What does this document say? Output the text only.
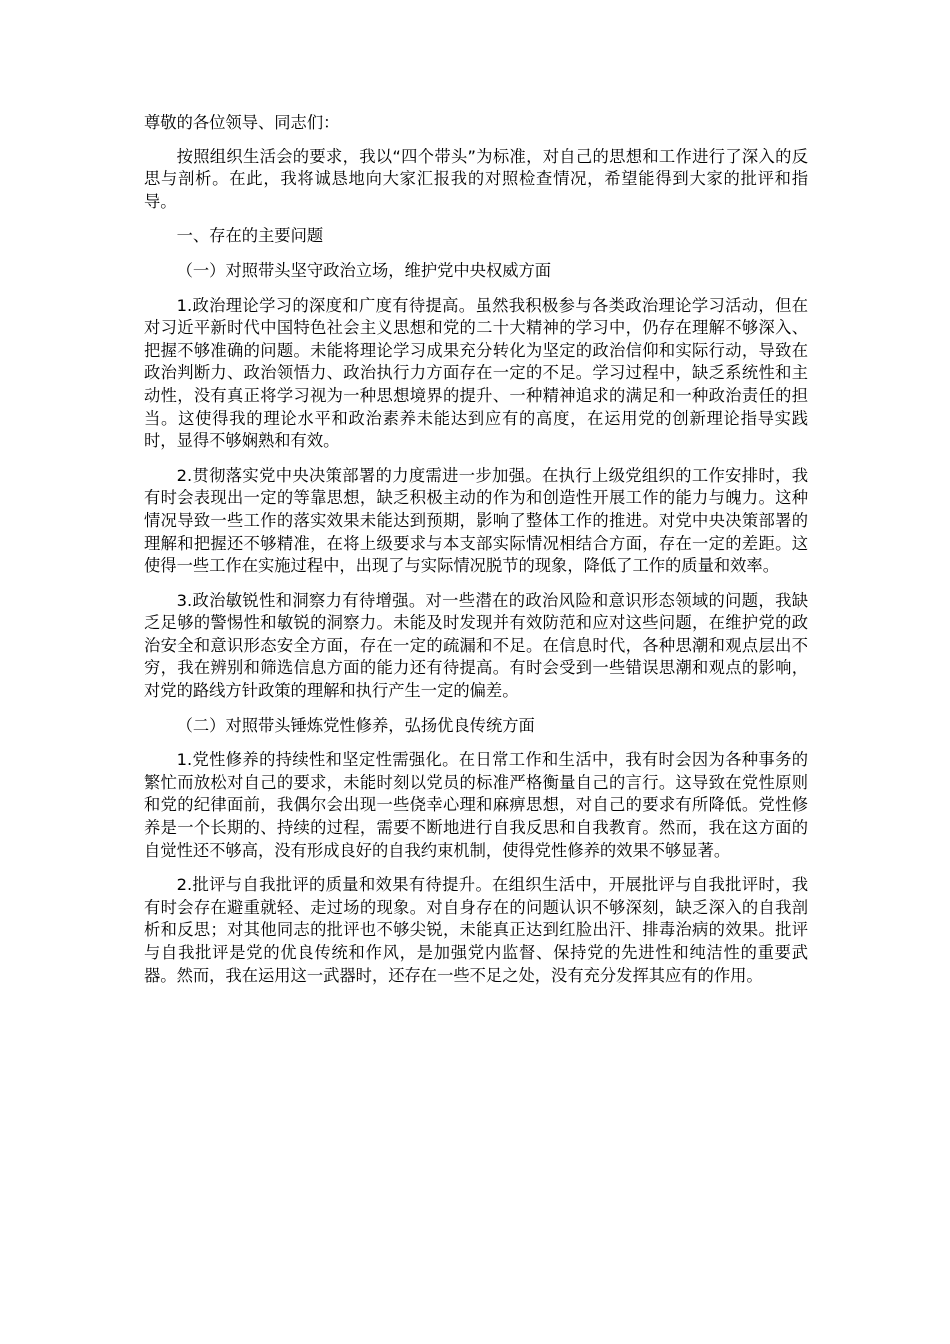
尊敬的各位领导、同志们：

按照组织生活会的要求，我以“四个带头”为标准，对自己的思想和工作进行了深入的反思与剖析。在此，我将诚恳地向大家汇报我的对照检查情况，希望能得到大家的批评和指导。

一、存在的主要问题

（一）对照带头坚守政治立场，维护党中央权威方面

1.政治理论学习的深度和广度有待提高。虽然我积极参与各类政治理论学习活动，但在对习近平新时代中国特色社会主义思想和党的二十大精神的学习中，仍存在理解不够深入、把握不够准确的问题。未能将理论学习成果充分转化为坚定的政治信仰和实际行动，导致在政治判断力、政治领悟力、政治执行力方面存在一定的不足。学习过程中，缺乏系统性和主动性，没有真正将学习视为一种思想境界的提升、一种精神追求的满足和一种政治责任的担当。这使得我的理论水平和政治素养未能达到应有的高度，在运用党的创新理论指导实践时，显得不够娴熟和有效。

2.贯彻落实党中央决策部署的力度需进一步加强。在执行上级党组织的工作安排时，我有时会表现出一定的等靠思想，缺乏积极主动的作为和创造性开展工作的能力与魄力。这种情况导致一些工作的落实效果未能达到预期，影响了整体工作的推进。对党中央决策部署的理解和把握还不够精准，在将上级要求与本支部实际情况相结合方面，存在一定的差距。这使得一些工作在实施过程中，出现了与实际情况脱节的现象，降低了工作的质量和效率。

3.政治敏锐性和洞察力有待增强。对一些潜在的政治风险和意识形态领域的问题，我缺乏足够的警惕性和敏锐的洞察力。未能及时发现并有效防范和应对这些问题，在维护党的政治安全和意识形态安全方面，存在一定的疏漏和不足。在信息时代，各种思潮和观点层出不穷，我在辨别和筛选信息方面的能力还有待提高。有时会受到一些错误思潮和观点的影响，对党的路线方针政策的理解和执行产生一定的偏差。

（二）对照带头锤炼党性修养，弘扬优良传统方面

1.党性修养的持续性和坚定性需强化。在日常工作和生活中，我有时会因为各种事务的繁忙而放松对自己的要求，未能时刻以党员的标准严格衡量自己的言行。这导致在党性原则和党的纪律面前，我偶尔会出现一些侥幸心理和麻痹思想，对自己的要求有所降低。党性修养是一个长期的、持续的过程，需要不断地进行自我反思和自我教育。然而，我在这方面的自觉性还不够高，没有形成良好的自我约束机制，使得党性修养的效果不够显著。

2.批评与自我批评的质量和效果有待提升。在组织生活中，开展批评与自我批评时，我有时会存在避重就轻、走过场的现象。对自身存在的问题认识不够深刻，缺乏深入的自我剖析和反思；对其他同志的批评也不够尖锐，未能真正达到红脸出汗、排毒治病的效果。批评与自我批评是党的优良传统和作风，是加强党内监督、保持党的先进性和纯洁性的重要武器。然而，我在运用这一武器时，还存在一些不足之处，没有充分发挥其应有的作用。
